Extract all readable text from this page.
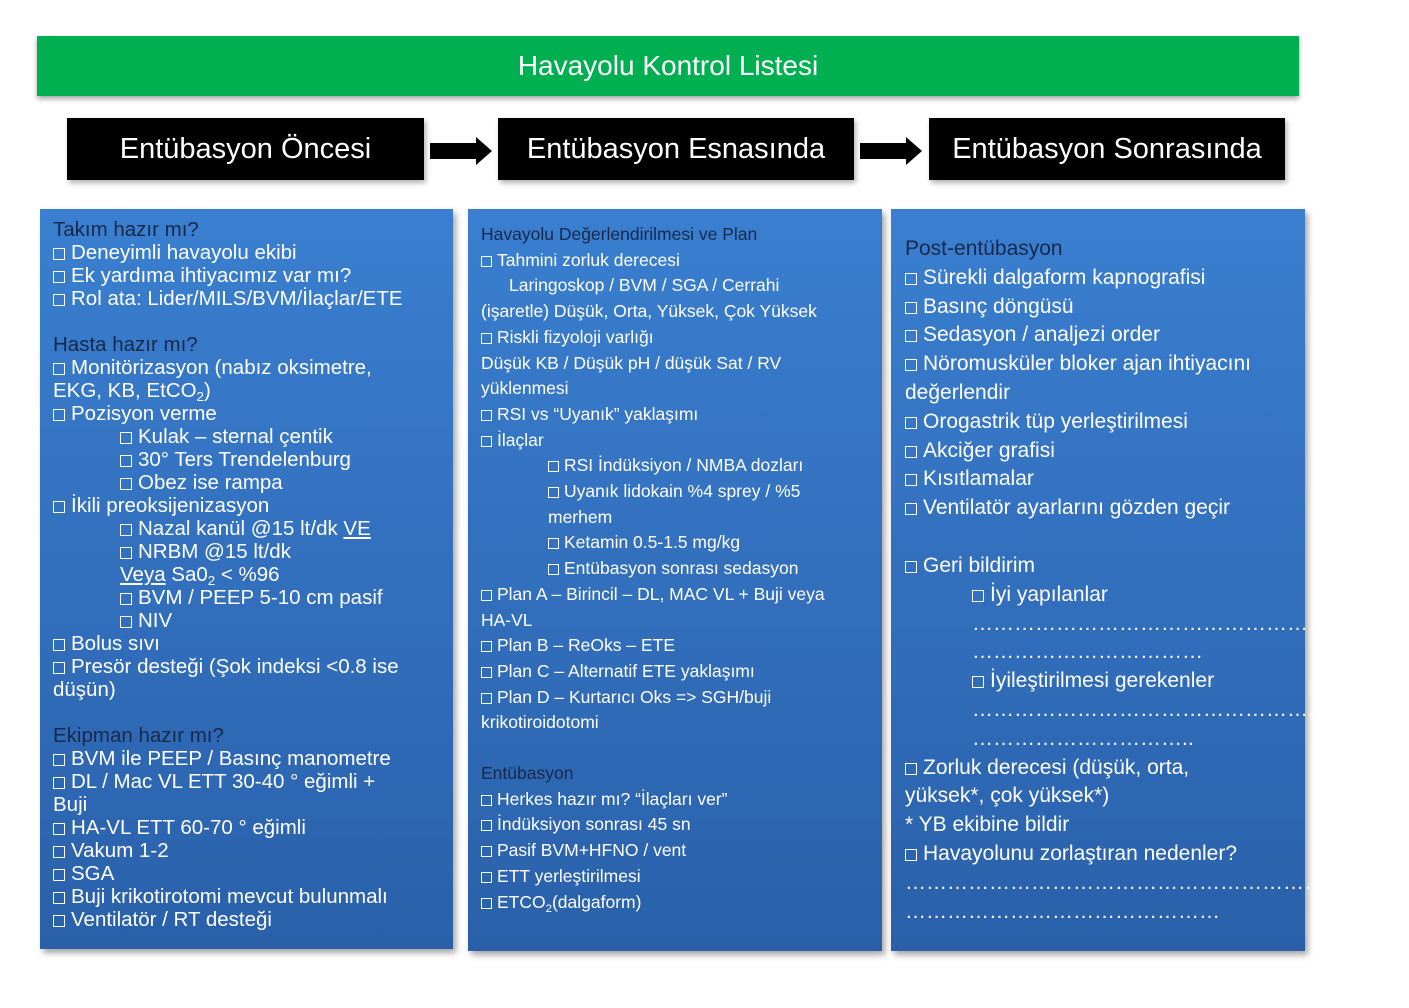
Havayolu Kontrol Listesi
Entübasyon Öncesi	Entübasyon Esnasında	Entübasyon Sonrasında
Takım hazır mı?
Deneyimli havayolu ekibi
Ek yardıma ihtiyacımız var mı?
Rol ata: Lider/MILS/BVM/İlaçlar/ETE
Hasta hazır mı?
Monitörizasyon (nabız oksimetre,
EKG, KB, EtCO$_2$)
Pozisyon verme
Kulak – sternal çentik
30° Ters Trendelenburg
Obez ise rampa
İkili preoksijenizasyon
Nazal kanül @15 lt/dk VE
NRBM @15 lt/dk
Veya $Sa0_2 < \%96$
BVM / PEEP 5-10 cm pasif
NIV
Bolus sıvı
Presör desteği (Şok indeksi <0.8 ise
düşün)
Ekipman hazır mı?
BVM ile PEEP / Basınç manometre
DL / Mac VL ETT 30-40 ° eğimli +
Buji
HA-VL ETT 60-70 ° eğimli
Vakum 1-2
SGA
Buji krikotirotomi mevcut bulunmalı
Ventilatör / RT desteği
Havayolu Değerlendirilmesi ve Plan
Tahmini zorluk derecesi
Laringoskop / BVM / SGA / Cerrahi
(işaretle) Düşük, Orta, Yüksek, Çok Yüksek
Riskli fizyoloji varlığı
Düşük KB / Düşük pH / düşük Sat / RV
yüklenmesi
RSI vs “Uyanık” yaklaşımı
İlaçlar
RSI İndüksiyon / NMBA dozları
Uyanık lidokain %4 sprey / %5
merhem
Ketamin 0.5-1.5 mg/kg
Entübasyon sonrası sedasyon
Plan A – Birincil – DL, MAC VL + Buji veya
HA-VL
Plan B – ReOks – ETE
Plan C – Alternatif ETE yaklaşımı
Plan D – Kurtarıcı Oks => SGH/buji
krikotiroidotomi
Entübasyon
Herkes hazır mı? “İlaçları ver”
İndüksiyon sonrası 45 sn
Pasif BVM+HFNO / vent
ETT yerleştirilmesi
$ETCO_2(dalgaform)$
Post-entübasyon
Sürekli dalgaform kapnografisi
Basınç döngüsü
Sedasyon / analjezi order
Nöromusküler bloker ajan ihtiyacını
değerlendir
Orogastrik tüp yerleştirilmesi
Akciğer grafisi
Kısıtlamalar
Ventilatör ayarlarını gözden geçir
Geri bildirim
İyi yapılanlar
……………………………………………………
……………………………
İyileştirilmesi gerekenler
……………………………………………………
…………………………..
Zorluk derecesi (düşük, orta,
yüksek*, çok yüksek*)
* YB ekibine bildir
Havayolunu zorlaştıran nedenler?
………………………………………………………………
………………………………………
